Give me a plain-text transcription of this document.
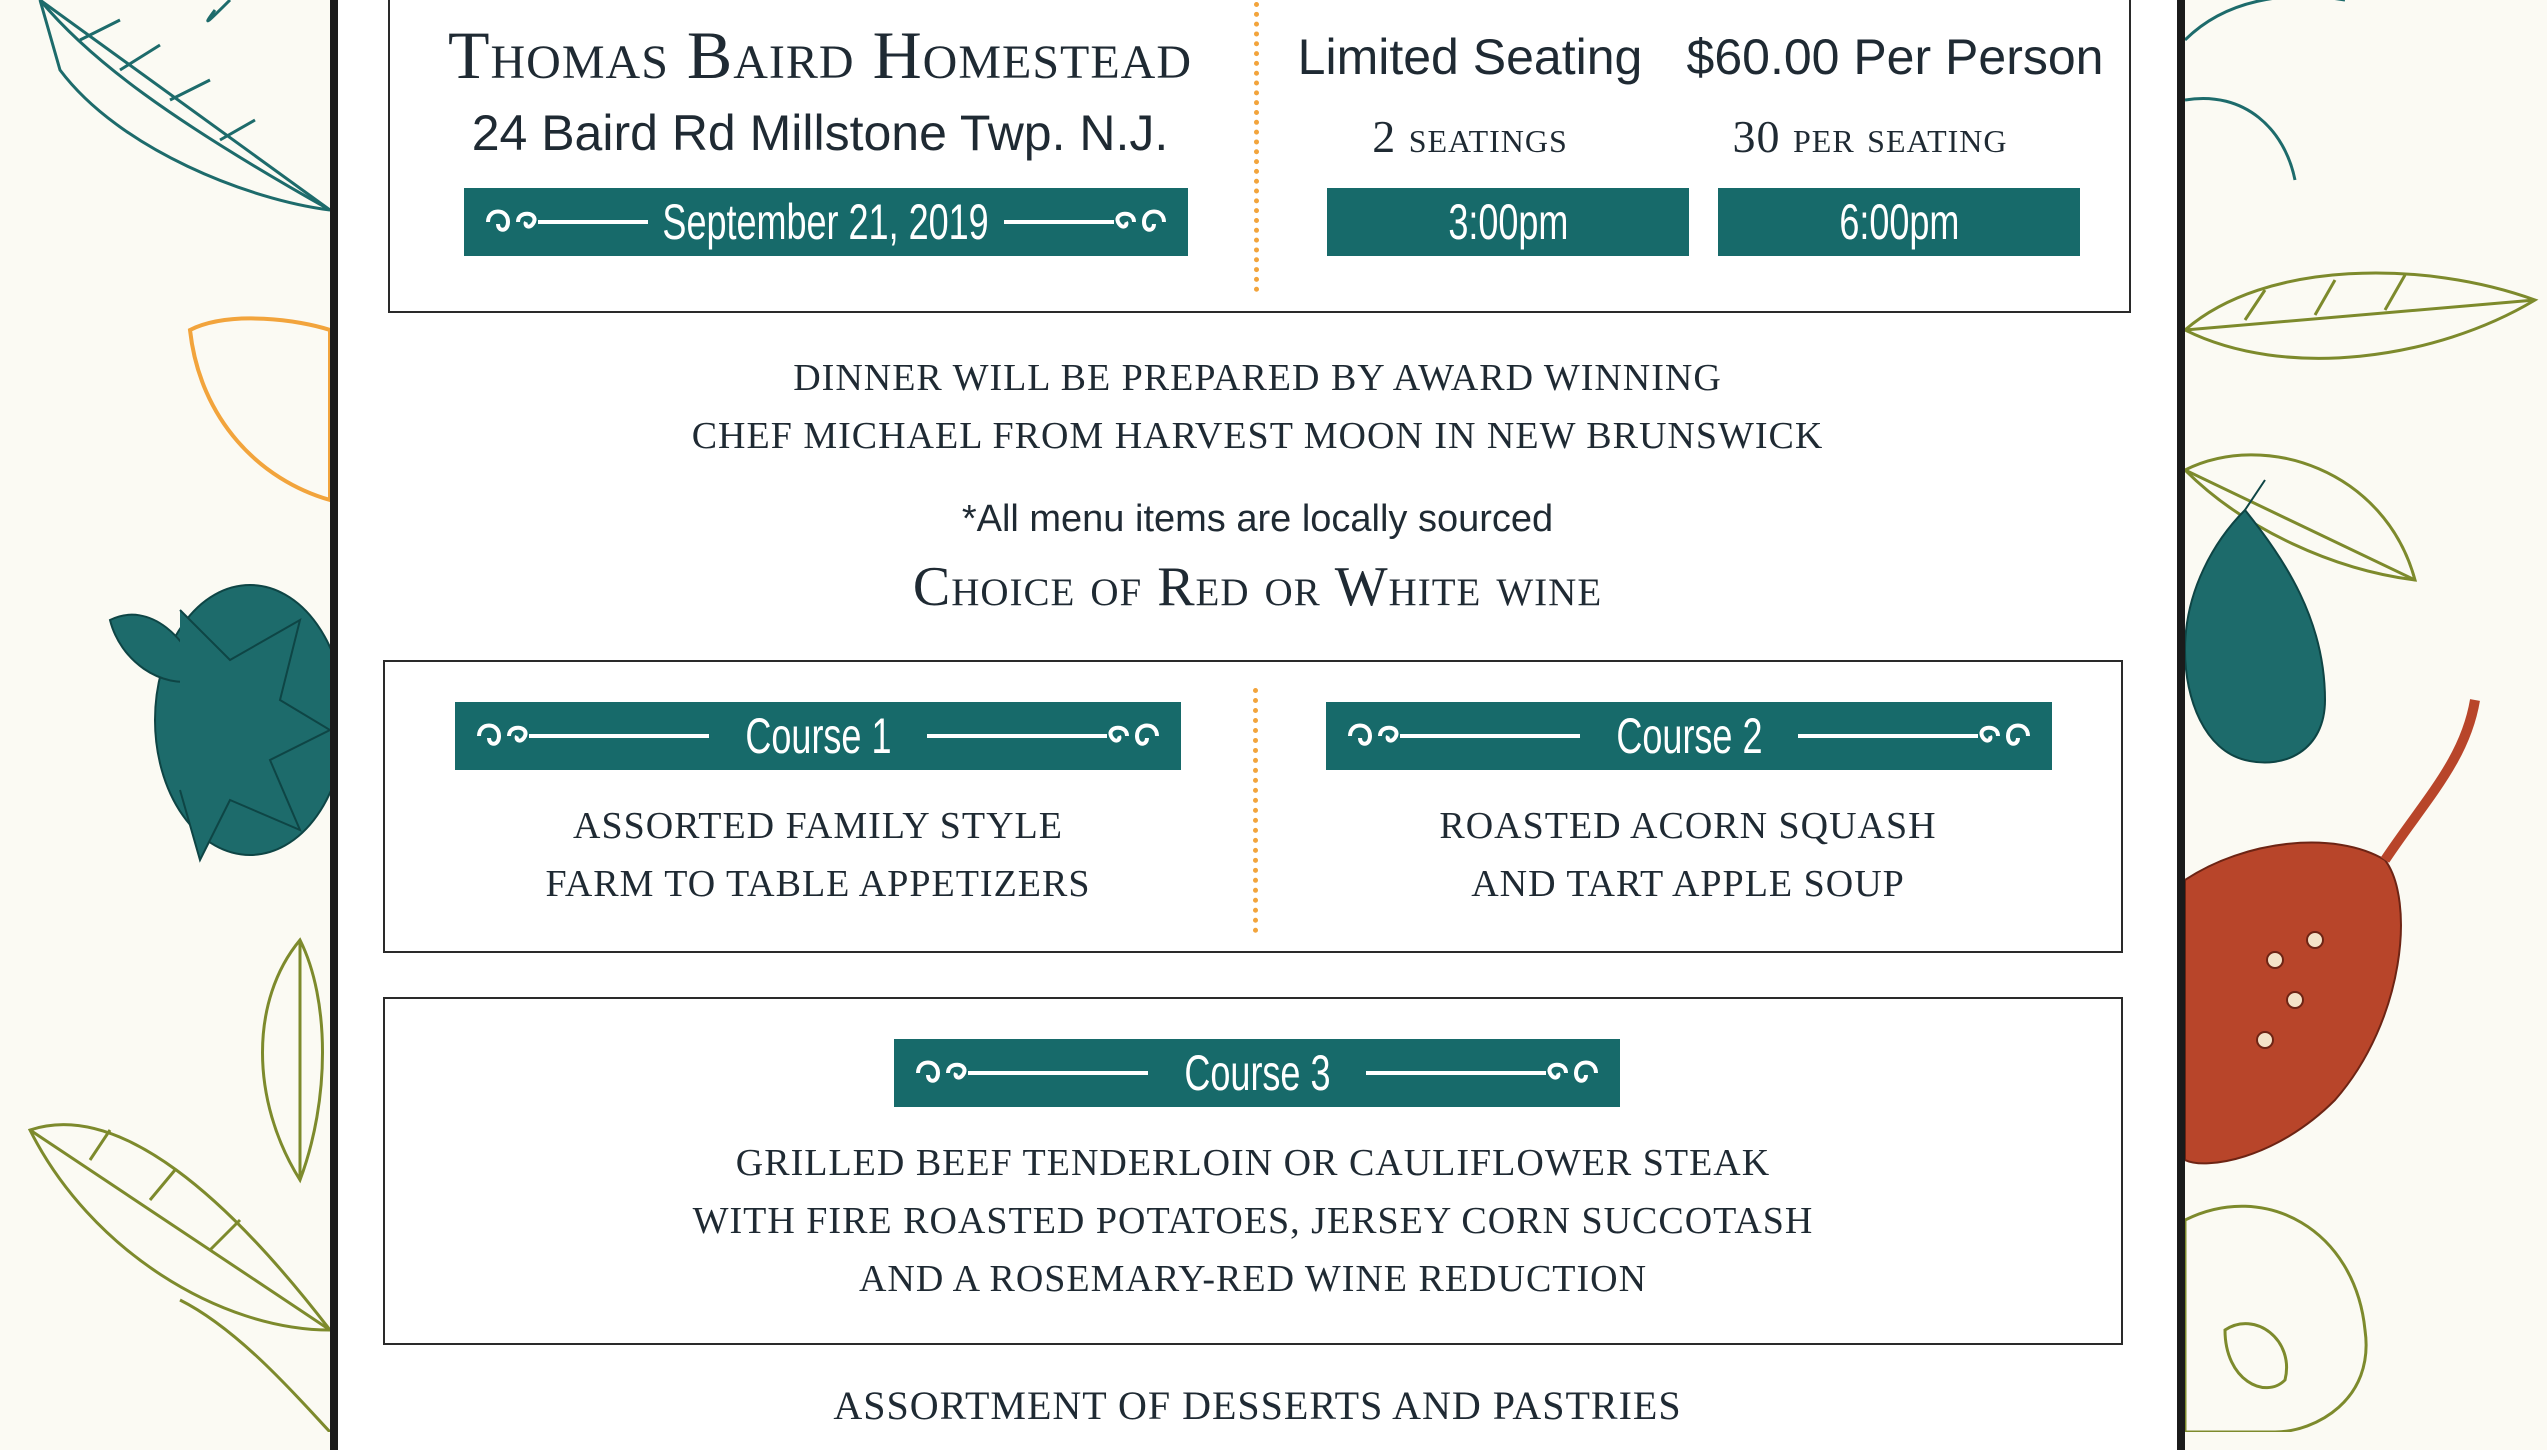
Thomas Baird Homestead
24 Baird Rd Millstone Twp. N.J.
September 21, 2019
Limited Seating $60.00 Per Person
2 seatings	30 per seating
3:00pm	6:00pm
DINNER WILL BE PREPARED BY AWARD WINNING
CHEF MICHAEL FROM HARVEST MOON IN NEW BRUNSWICK
*All menu items are locally sourced
Choice of Red or White wine
Course 1
ASSORTED FAMILY STYLE
FARM TO TABLE APPETIZERS
Course 2
ROASTED ACORN SQUASH
AND TART APPLE SOUP
Course 3
GRILLED BEEF TENDERLOIN OR CAULIFLOWER STEAK
WITH FIRE ROASTED POTATOES, JERSEY CORN SUCCOTASH
AND A ROSEMARY-RED WINE REDUCTION
ASSORTMENT OF DESSERTS AND PASTRIES
